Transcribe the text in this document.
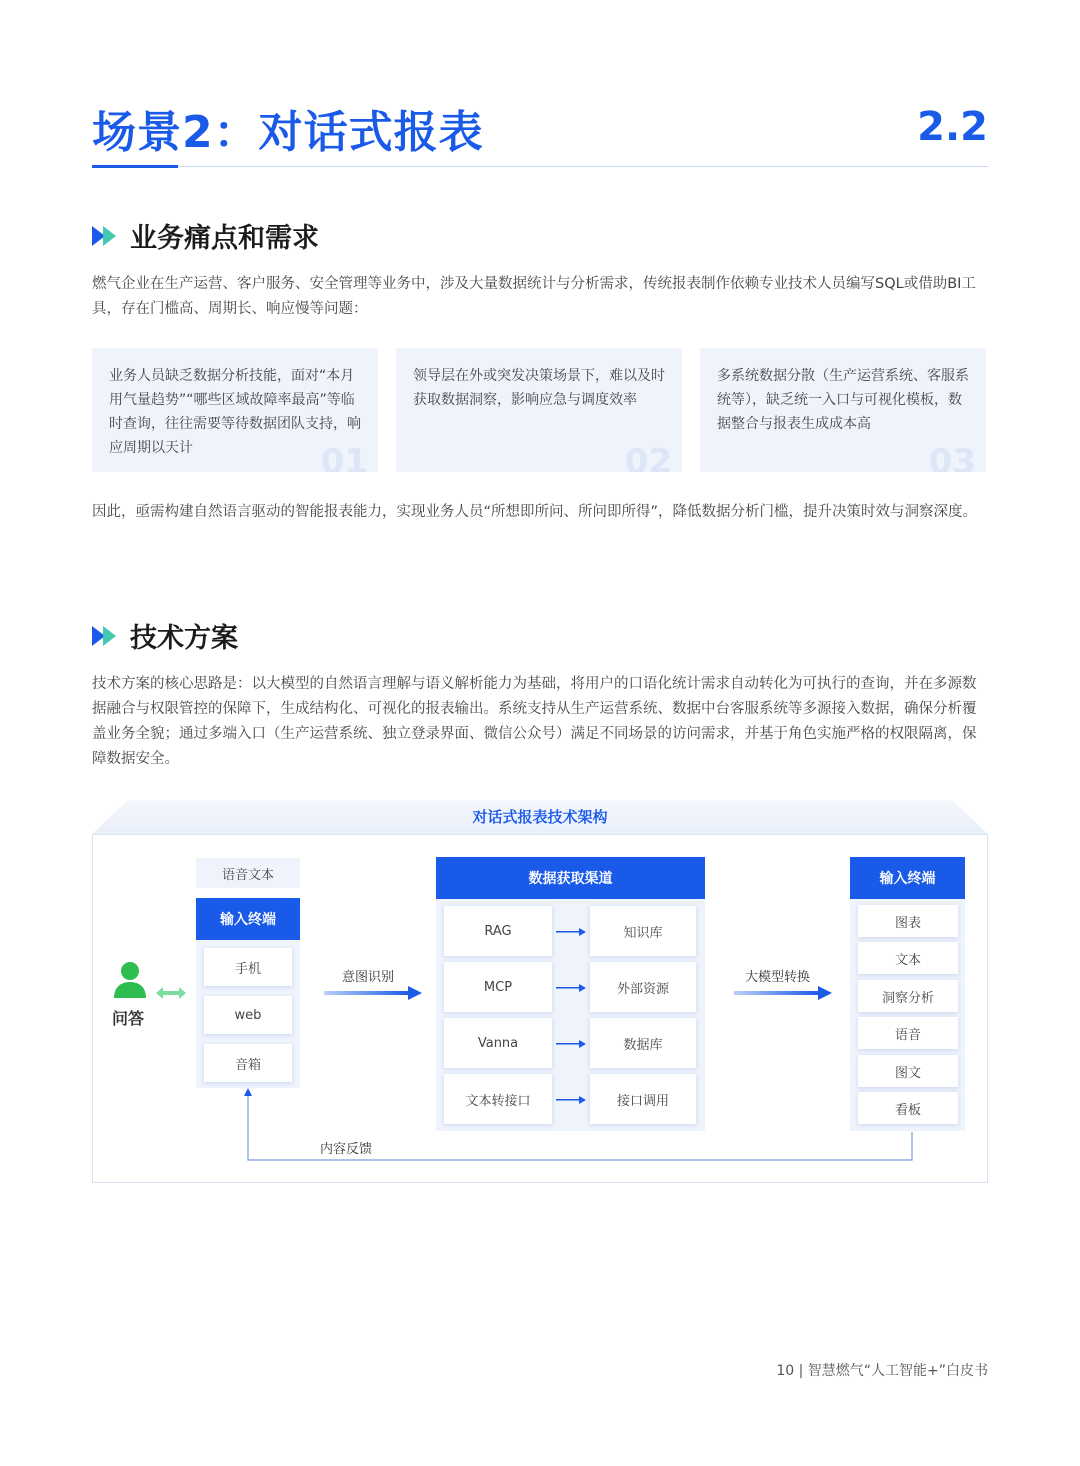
场景2：对话式报表	2.2
业务痛点和需求
燃气企业在生产运营、客户服务、安全管理等业务中，涉及大量数据统计与分析需求，传统报表制作依赖专业技术人员编写SQL或借助BI工具，存在门槛高、周期长、响应慢等问题：
业务人员缺乏数据分析技能，面对“本月用气量趋势”“哪些区域故障率最高”等临时查询，往往需要等待数据团队支持，响应周期以天计	01
领导层在外或突发决策场景下，难以及时获取数据洞察，影响应急与调度效率
02
多系统数据分散（生产运营系统、客服系统等），缺乏统一入口与可视化模板，数据整合与报表生成成本高
03
因此，亟需构建自然语言驱动的智能报表能力，实现业务人员“所想即所问、所问即所得”，降低数据分析门槛，提升决策时效与洞察深度。
技术方案
技术方案的核心思路是：以大模型的自然语言理解与语义解析能力为基础，将用户的口语化统计需求自动转化为可执行的查询，并在多源数据融合与权限管控的保障下，生成结构化、可视化的报表输出。系统支持从生产运营系统、数据中台客服系统等多源接入数据，确保分析覆盖业务全貌；通过多端入口（生产运营系统、独立登录界面、微信公众号）满足不同场景的访问需求，并基于角色实施严格的权限隔离，保障数据安全。
对话式报表技术架构
问答
语音文本
输入终端
手机
web
音箱
意图识别
数据获取渠道
RAG	知识库
MCP	外部资源
Vanna	数据库
文本转接口	接口调用
大模型转换
输入终端
图表
文本
洞察分析
语音
图文
看板
内容反馈
10 | 智慧燃气“人工智能+”白皮书
